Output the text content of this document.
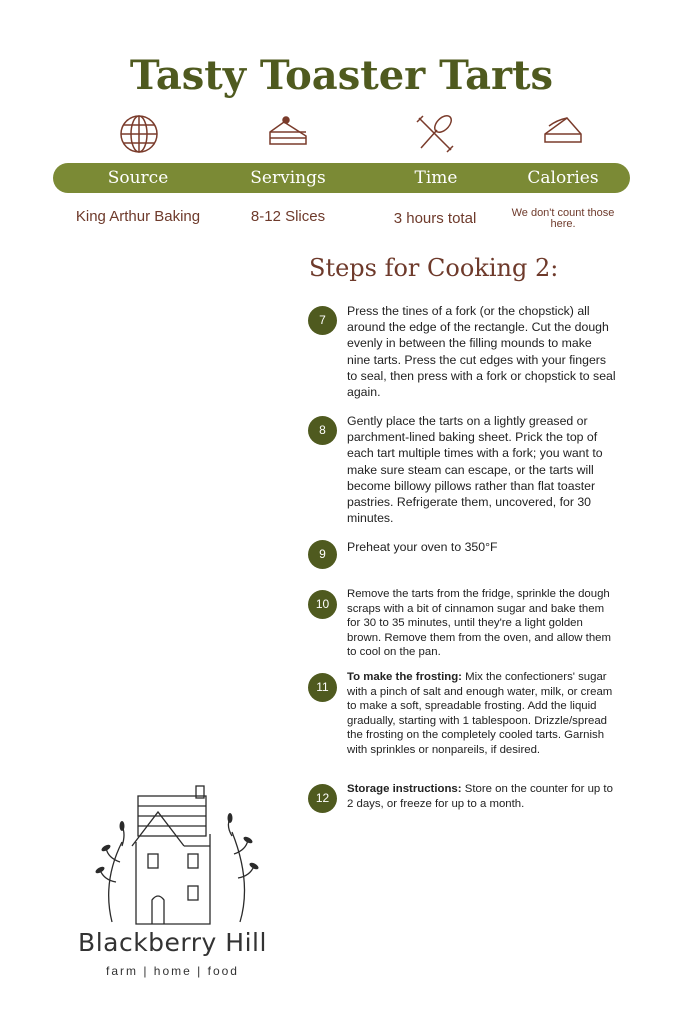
Tasty Toaster Tarts
Source	Servings	Time	Calories
King Arthur Baking	8-12 Slices	3 hours total	We don't count those here.
Steps for Cooking 2:
7
Press the tines of a fork (or the chopstick) all around the edge of the rectangle. Cut the dough evenly in between the filling mounds to make nine tarts. Press the cut edges with your fingers to seal, then press with a fork or chopstick to seal again.
8
Gently place the tarts on a lightly greased or parchment-lined baking sheet. Prick the top of each tart multiple times with a fork; you want to make sure steam can escape, or the tarts will become billowy pillows rather than flat toaster pastries. Refrigerate them, uncovered, for 30 minutes.
9	Preheat your oven to 350°F
10
Remove the tarts from the fridge, sprinkle the dough scraps with a bit of cinnamon sugar and bake them for 30 to 35 minutes, until they're a light golden brown. Remove them from the oven, and allow them to cool on the pan.
11
To make the frosting: Mix the confectioners' sugar with a pinch of salt and enough water, milk, or cream to make a soft, spreadable frosting. Add the liquid gradually, starting with 1 tablespoon. Drizzle/spread the frosting on the completely cooled tarts. Garnish with sprinkles or nonpareils, if desired.
12
Storage instructions: Store on the counter for up to 2 days, or freeze for up to a month.
Blackberry Hill
farm | home | food
